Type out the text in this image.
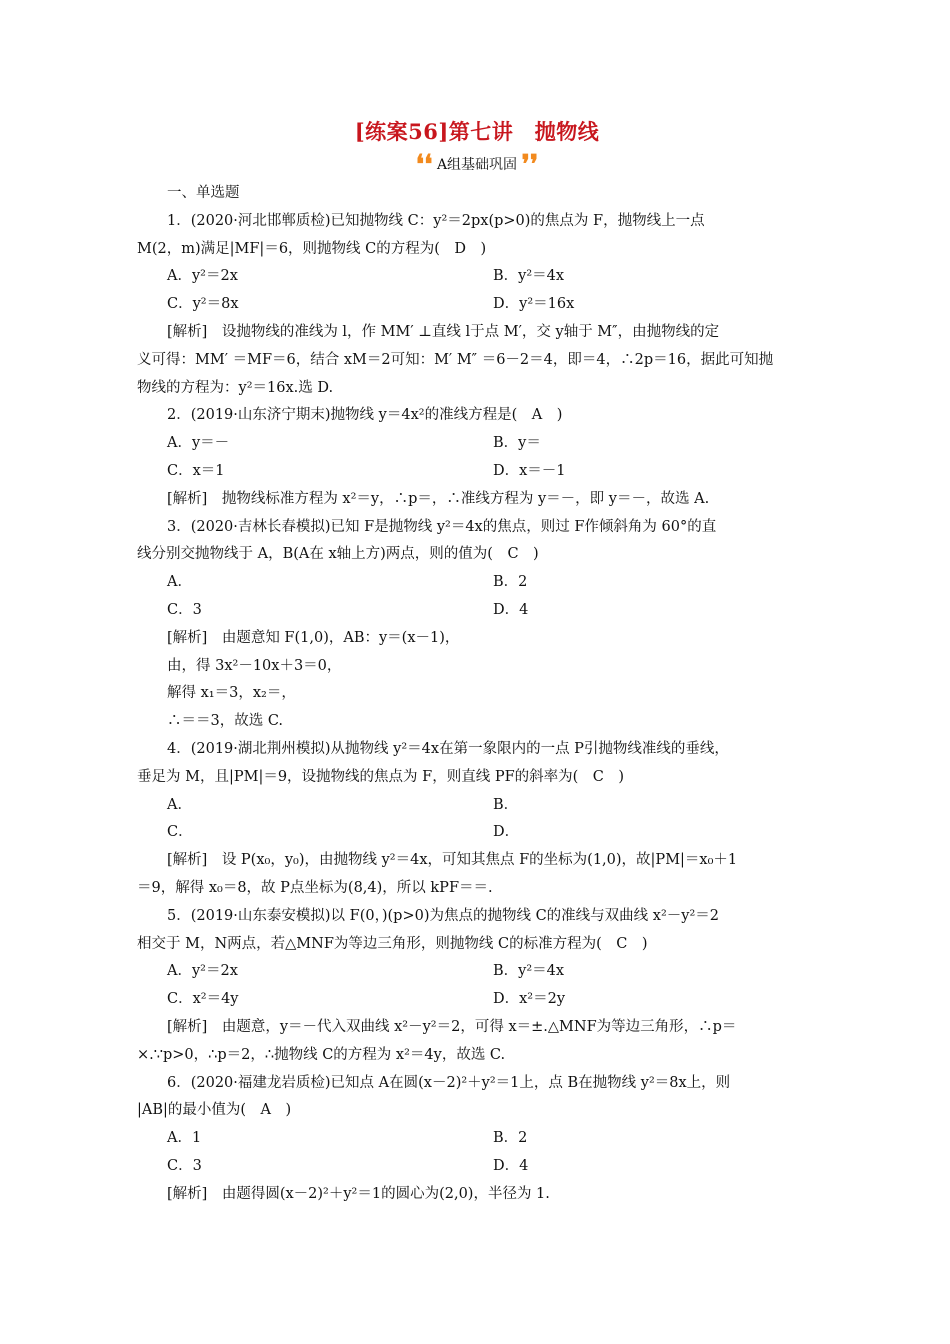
[练案56]第七讲　抛物线
❛❛ A组基础巩固 ❜❜
一、单选题
1．(2020·河北邯郸质检)已知抛物线 C：y²＝2px(p>0)的焦点为 F，抛物线上一点
M(2，m)满足|MF|＝6，则抛物线 C的方程为(　D　)
A．y²＝2x	B．y²＝4x
C．y²＝8x	D．y²＝16x
[解析]　设抛物线的准线为 l，作 MM′ ⊥直线 l于点 M′，交 y轴于 M″，由抛物线的定
义可得：MM′ ＝MF＝6，结合 xM＝2可知：M′ M″ ＝6－2＝4，即＝4，∴2p＝16，据此可知抛
物线的方程为：y²＝16x.选 D.
2．(2019·山东济宁期末)抛物线 y＝4x²的准线方程是(　A　)
A．y＝－	B．y＝
C．x＝1	D．x＝－1
[解析]　抛物线标准方程为 x²＝y，∴p＝，∴准线方程为 y＝－，即 y＝－，故选 A.
3．(2020·吉林长春模拟)已知 F是抛物线 y²＝4x的焦点，则过 F作倾斜角为 60°的直
线分别交抛物线于 A，B(A在 x轴上方)两点，则的值为(　C　)
A．	B．2
C．3	D．4
[解析]　由题意知 F(1,0)，AB：y＝(x－1)，
由，得 3x²－10x＋3＝0，
解得 x₁＝3，x₂＝，
∴＝＝3，故选 C.
4．(2019·湖北荆州模拟)从抛物线 y²＝4x在第一象限内的一点 P引抛物线准线的垂线，
垂足为 M，且|PM|＝9，设抛物线的焦点为 F，则直线 PF的斜率为(　C　)
A．	B．
C．	D．
[解析]　设 P(x₀，y₀)，由抛物线 y²＝4x，可知其焦点 F的坐标为(1,0)，故|PM|＝x₀＋1
＝9，解得 x₀＝8，故 P点坐标为(8,4)，所以 kPF＝＝.
5．(2019·山东泰安模拟)以 F(0，)(p>0)为焦点的抛物线 C的准线与双曲线 x²－y²＝2
相交于 M，N两点，若△MNF为等边三角形，则抛物线 C的标准方程为(　C　)
A．y²＝2x	B．y²＝4x
C．x²＝4y	D．x²＝2y
[解析]　由题意，y＝－代入双曲线 x²－y²＝2，可得 x＝±.△MNF为等边三角形，∴p＝
×.∵p>0，∴p＝2，∴抛物线 C的方程为 x²＝4y，故选 C.
6．(2020·福建龙岩质检)已知点 A在圆(x－2)²＋y²＝1上，点 B在抛物线 y²＝8x上，则
|AB|的最小值为(　A　)
A．1	B．2
C．3	D．4
[解析]　由题得圆(x－2)²＋y²＝1的圆心为(2,0)，半径为 1.
